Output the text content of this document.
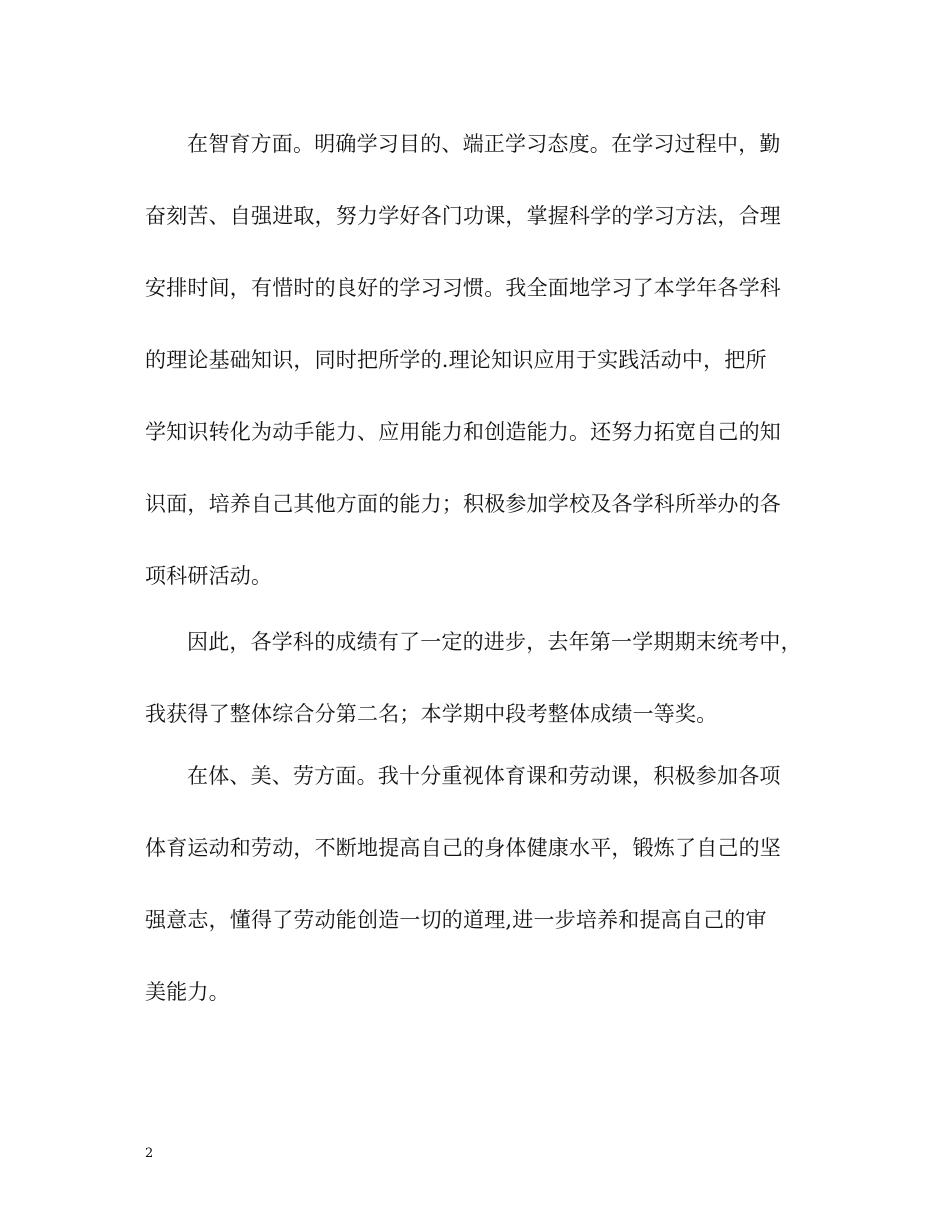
在智育方面。明确学习目的、端正学习态度。在学习过程中，勤
奋刻苦、自强进取，努力学好各门功课，掌握科学的学习方法，合理
安排时间，有惜时的良好的学习习惯。我全面地学习了本学年各学科
的理论基础知识，同时把所学的.理论知识应用于实践活动中，把所
学知识转化为动手能力、应用能力和创造能力。还努力拓宽自己的知
识面，培养自己其他方面的能力；积极参加学校及各学科所举办的各
项科研活动。
因此，各学科的成绩有了一定的进步，去年第一学期期末统考中，
我获得了整体综合分第二名；本学期中段考整体成绩一等奖。
在体、美、劳方面。我十分重视体育课和劳动课，积极参加各项
体育运动和劳动，不断地提高自己的身体健康水平，锻炼了自己的坚
强意志，懂得了劳动能创造一切的道理,进一步培养和提高自己的审
美能力。
2
